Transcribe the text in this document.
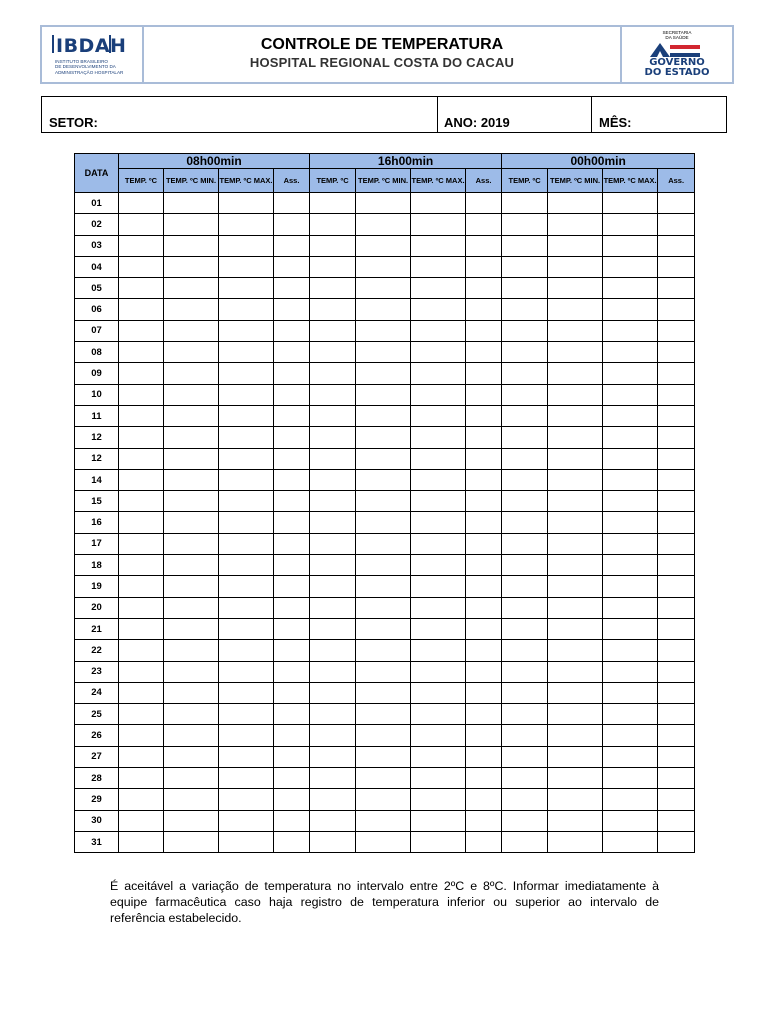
IBDAH
INSTITUTO BRASILEIRO
DE DESENVOLVIMENTO DA
ADMINISTRAÇÃO HOSPITALAR
CONTROLE DE TEMPERATURA
HOSPITAL REGIONAL COSTA DO CACAU
SECRETARIA
DA SAÚDE
GOVERNO
DO ESTADO
SETOR:	ANO: 2019	MÊS:
DATA	08h00min				16h00min				00h00min			
	TEMP. ºC	TEMP. ºC MIN.	TEMP. ºC MAX.	Ass.	TEMP. ºC	TEMP. ºC MIN.	TEMP. ºC MAX.	Ass.	TEMP. ºC	TEMP. ºC MIN.	TEMP. ºC MAX.	Ass.
01												
02												
03												
04												
05												
06												
07												
08												
09												
10												
11												
12												
12												
14												
15												
16												
17												
18												
19												
20												
21												
22												
23												
24												
25												
26												
27												
28												
29												
30												
31												
É aceitável a variação de temperatura no intervalo entre 2ºC e 8ºC. Informar imediatamente à equipe farmacêutica caso haja registro de temperatura inferior ou superior ao intervalo de referência estabelecido.
